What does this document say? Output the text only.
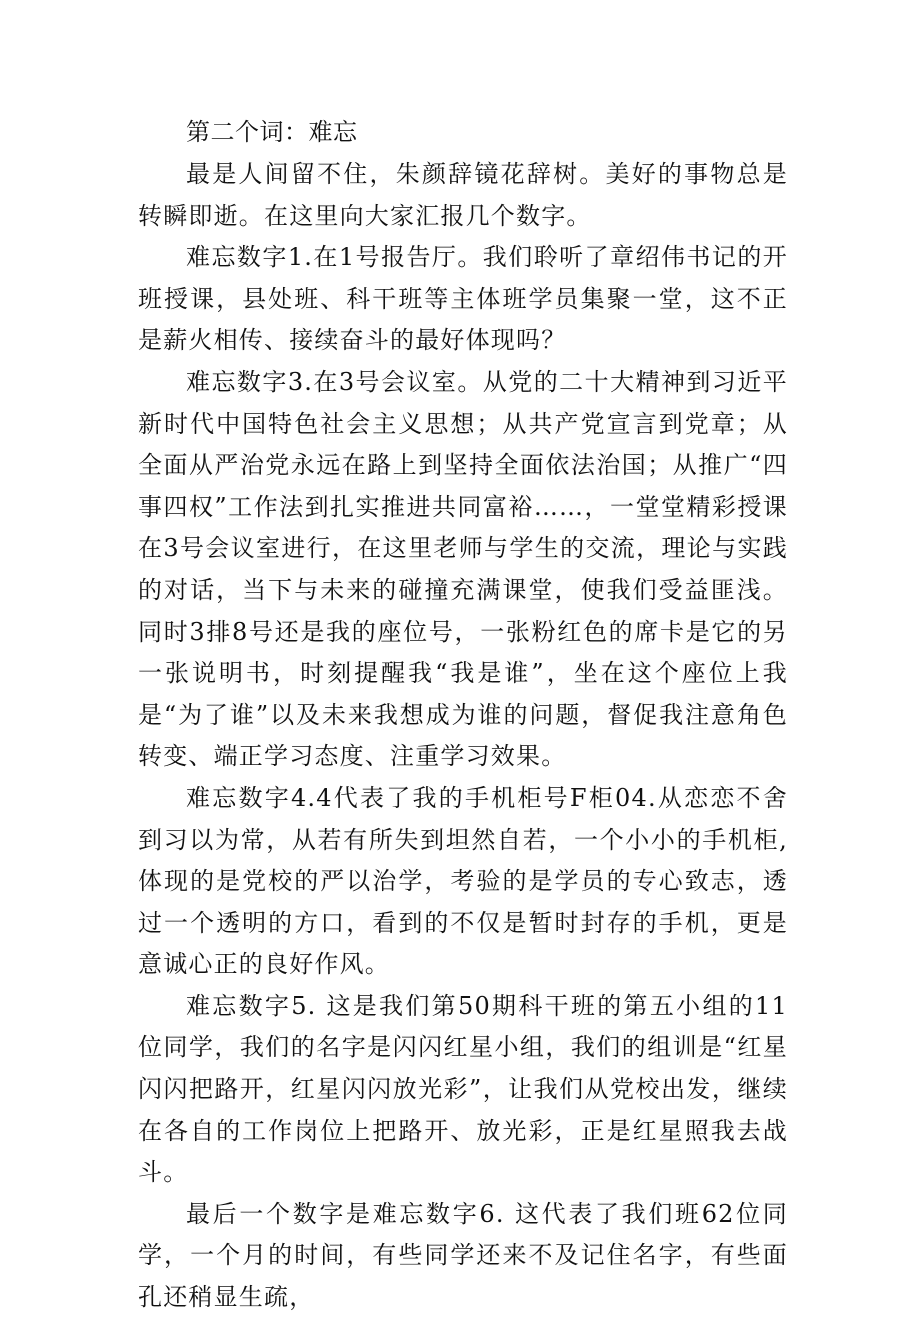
第二个词：难忘

最是人间留不住，朱颜辞镜花辞树。美好的事物总是转瞬即逝。在这里向大家汇报几个数字。

难忘数字1.在1号报告厅。我们聆听了章绍伟书记的开班授课，县处班、科干班等主体班学员集聚一堂，这不正是薪火相传、接续奋斗的最好体现吗？

难忘数字3.在3号会议室。从党的二十大精神到习近平新时代中国特色社会主义思想；从共产党宣言到党章；从全面从严治党永远在路上到坚持全面依法治国；从推广“四事四权”工作法到扎实推进共同富裕……，一堂堂精彩授课在3号会议室进行，在这里老师与学生的交流，理论与实践的对话，当下与未来的碰撞充满课堂，使我们受益匪浅。同时3排8号还是我的座位号，一张粉红色的席卡是它的另一张说明书，时刻提醒我“我是谁”，坐在这个座位上我是“为了谁”以及未来我想成为谁的问题，督促我注意角色转变、端正学习态度、注重学习效果。

难忘数字4.4代表了我的手机柜号F柜04.从恋恋不舍到习以为常，从若有所失到坦然自若，一个小小的手机柜,体现的是党校的严以治学，考验的是学员的专心致志，透过一个透明的方口，看到的不仅是暂时封存的手机，更是意诚心正的良好作风。

难忘数字5. 这是我们第50期科干班的第五小组的11位同学，我们的名字是闪闪红星小组，我们的组训是“红星闪闪把路开，红星闪闪放光彩”，让我们从党校出发，继续在各自的工作岗位上把路开、放光彩，正是红星照我去战斗。

最后一个数字是难忘数字6. 这代表了我们班62位同学，一个月的时间，有些同学还来不及记住名字，有些面孔还稍显生疏，
